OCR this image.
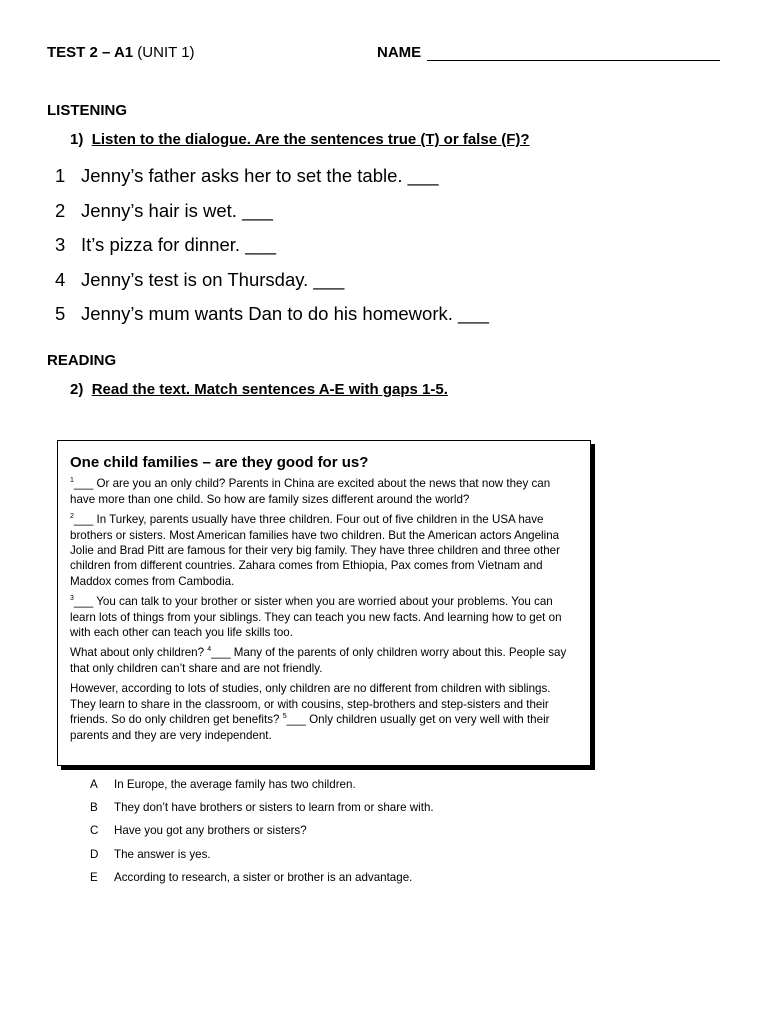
TEST 2 – A1 (UNIT 1)	NAME
LISTENING
1) Listen to the dialogue. Are the sentences true (T) or false (F)?
1 Jenny’s father asks her to set the table. ___
2 Jenny’s hair is wet. ___
3 It’s pizza for dinner. ___
4 Jenny’s test is on Thursday. ___
5 Jenny’s mum wants Dan to do his homework. ___
READING
2) Read the text. Match sentences A-E with gaps 1-5.
One child families – are they good for us?
$^1$___ Or are you an only child? Parents in China are excited about the news that now they can have more than one child. So how are family sizes different around the world?
$^2$___ In Turkey, parents usually have three children. Four out of five children in the USA have brothers or sisters. Most American families have two children. But the American actors Angelina Jolie and Brad Pitt are famous for their very big family. They have three children and three other children from different countries. Zahara comes from Ethiopia, Pax comes from Vietnam and Maddox comes from Cambodia.
$^3$___ You can talk to your brother or sister when you are worried about your problems. You can learn lots of things from your siblings. They can teach you new facts. And learning how to get on with each other can teach you life skills too.
What about only children? $^4$___ Many of the parents of only children worry about this. People say that only children can’t share and are not friendly.
However, according to lots of studies, only children are no different from children with siblings. They learn to share in the classroom, or with cousins, step-brothers and step-sisters and their friends. So do only children get benefits? $^5$___ Only children usually get on very well with their parents and they are very independent.
A In Europe, the average family has two children.
B They don’t have brothers or sisters to learn from or share with.
C Have you got any brothers or sisters?
D The answer is yes.
E According to research, a sister or brother is an advantage.
